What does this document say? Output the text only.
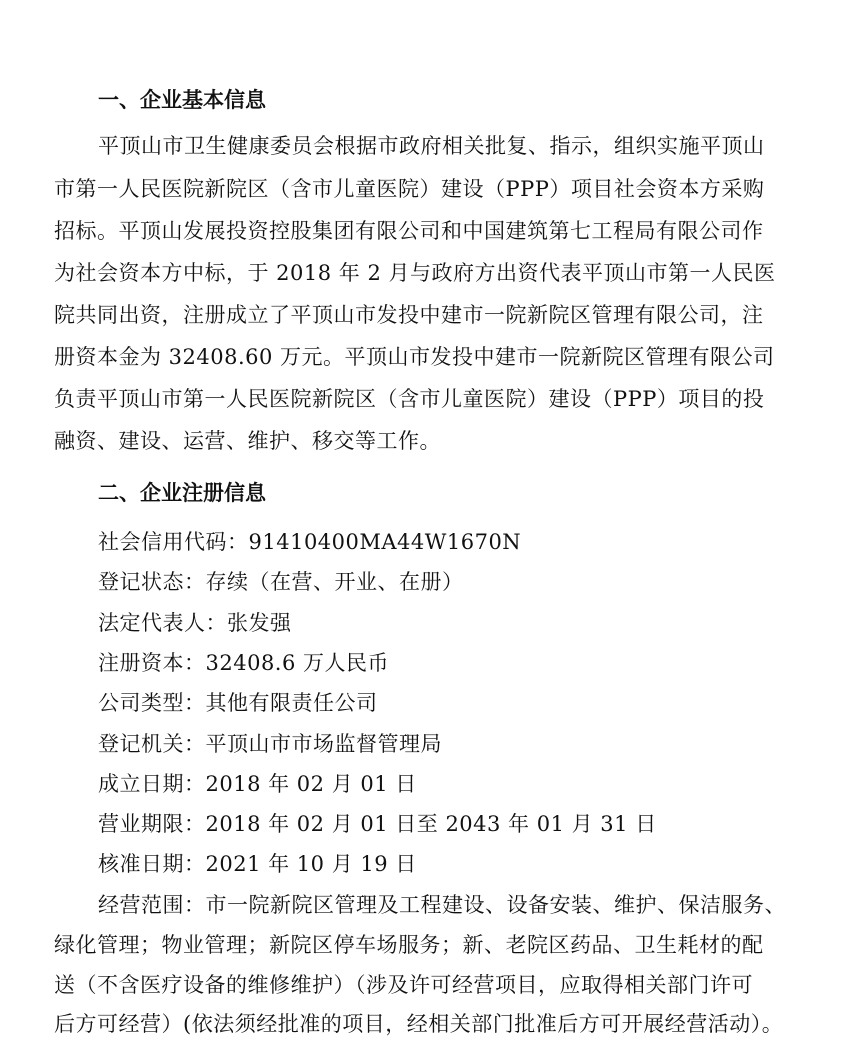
一、企业基本信息
平顶山市卫生健康委员会根据市政府相关批复、指示，组织实施平顶山
市第一人民医院新院区（含市儿童医院）建设（PPP）项目社会资本方采购
招标。平顶山发展投资控股集团有限公司和中国建筑第七工程局有限公司作
为社会资本方中标，于 2018 年 2 月与政府方出资代表平顶山市第一人民医
院共同出资，注册成立了平顶山市发投中建市一院新院区管理有限公司，注
册资本金为 32408.60 万元。平顶山市发投中建市一院新院区管理有限公司
负责平顶山市第一人民医院新院区（含市儿童医院）建设（PPP）项目的投
融资、建设、运营、维护、移交等工作。
二、企业注册信息
社会信用代码：91410400MA44W1670N
登记状态：存续（在营、开业、在册）
法定代表人：张发强
注册资本：32408.6 万人民币
公司类型：其他有限责任公司
登记机关：平顶山市市场监督管理局
成立日期：2018 年 02 月 01 日
营业期限：2018 年 02 月 01 日至 2043 年 01 月 31 日
核准日期：2021 年 10 月 19 日
经营范围：市一院新院区管理及工程建设、设备安装、维护、保洁服务、
绿化管理；物业管理；新院区停车场服务；新、老院区药品、卫生耗材的配
送（不含医疗设备的维修维护）（涉及许可经营项目，应取得相关部门许可
后方可经营）(依法须经批准的项目，经相关部门批准后方可开展经营活动）。
